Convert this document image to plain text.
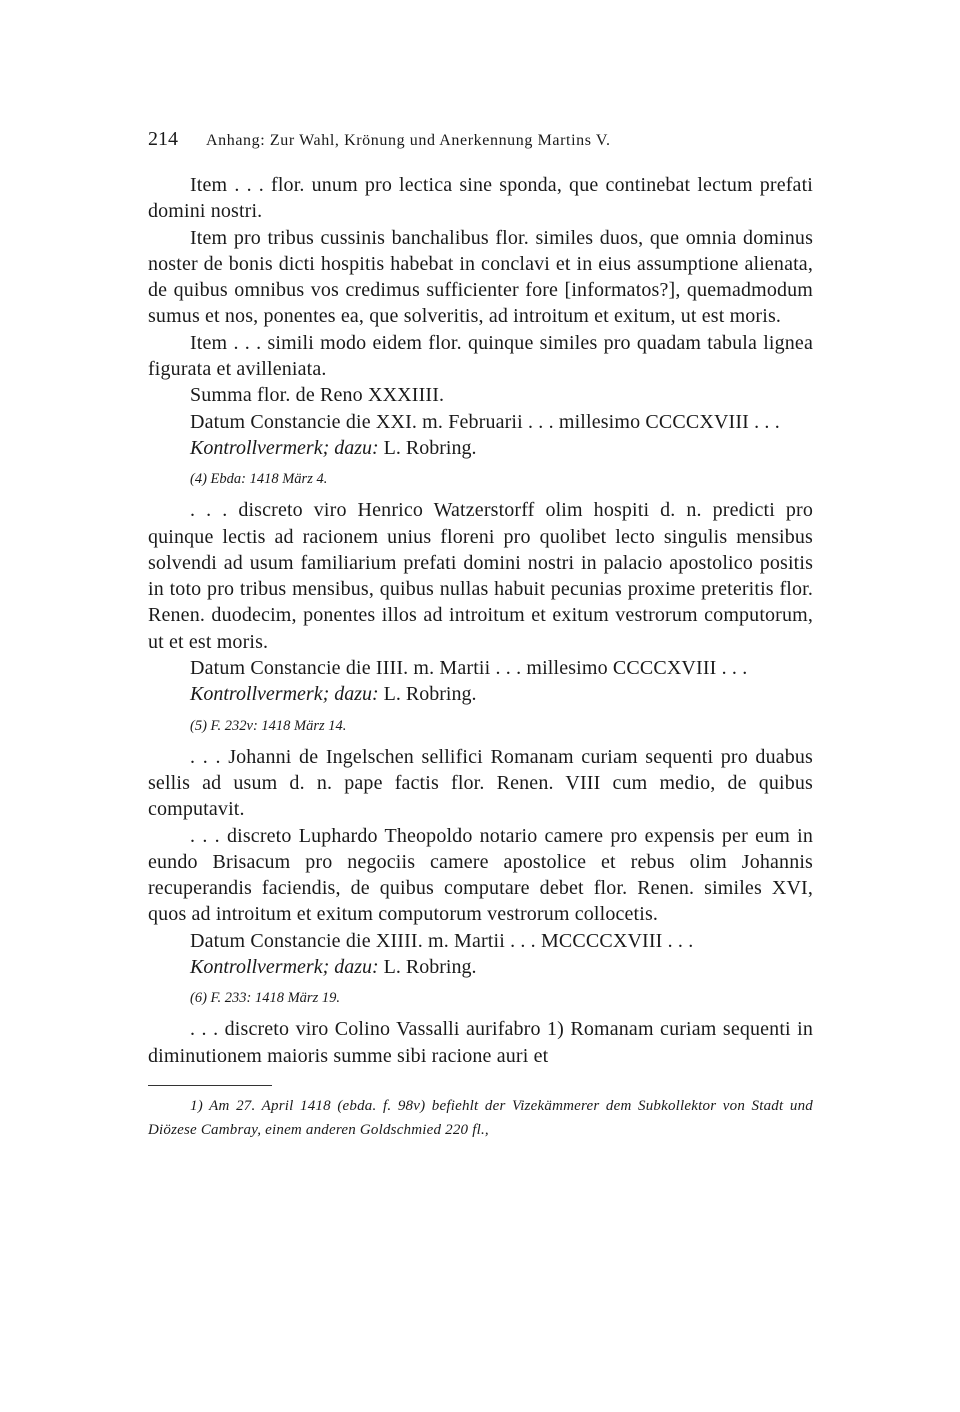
214 Anhang: Zur Wahl, Krönung und Anerkennung Martins V.

Item . . . flor. unum pro lectica sine sponda, que continebat lectum prefati domini nostri.

Item pro tribus cussinis banchalibus flor. similes duos, que omnia dominus noster de bonis dicti hospitis habebat in conclavi et in eius assumptione alienata, de quibus omnibus vos credimus sufficienter fore [informatos?], quemadmodum sumus et nos, ponentes ea, que solveritis, ad introitum et exitum, ut est moris.

Item . . . simili modo eidem flor. quinque similes pro quadam tabula lignea figurata et avilleniata.

Summa flor. de Reno XXXIIII.

Datum Constancie die XXI. m. Februarii . . . millesimo CCCCXVIII . . .

Kontrollvermerk; dazu: L. Robring.
(4) Ebda: 1418 März 4.

. . . discreto viro Henrico Watzerstorff olim hospiti d. n. predicti pro quinque lectis ad racionem unius floreni pro quolibet lecto singulis mensibus solvendi ad usum familiarium prefati domini nostri in palacio apostolico positis in toto pro tribus mensibus, quibus nullas habuit pecunias proxime preteritis flor. Renen. duodecim, ponentes illos ad introitum et exitum vestrorum computorum, ut et est moris.

Datum Constancie die IIII. m. Martii . . . millesimo CCCCXVIII . . .

Kontrollvermerk; dazu: L. Robring.
(5) F. 232v: 1418 März 14.

. . . Johanni de Ingelschen sellifici Romanam curiam sequenti pro duabus sellis ad usum d. n. pape factis flor. Renen. VIII cum medio, de quibus computavit.

. . . discreto Luphardo Theopoldo notario camere pro expensis per eum in eundo Brisacum pro negociis camere apostolice et rebus olim Johannis recuperandis faciendis, de quibus computare debet flor. Renen. similes XVI, quos ad introitum et exitum computorum vestrorum collocetis.

Datum Constancie die XIIII. m. Martii . . . MCCCCXVIII . . .

Kontrollvermerk; dazu: L. Robring.
(6) F. 233: 1418 März 19.

. . . discreto viro Colino Vassalli aurifabro 1) Romanam curiam sequenti in diminutionem maioris summe sibi racione auri et

1) Am 27. April 1418 (ebda. f. 98v) befiehlt der Vizekämmerer dem Subkollektor von Stadt und Diözese Cambray, einem anderen Goldschmied 220 fl.,
